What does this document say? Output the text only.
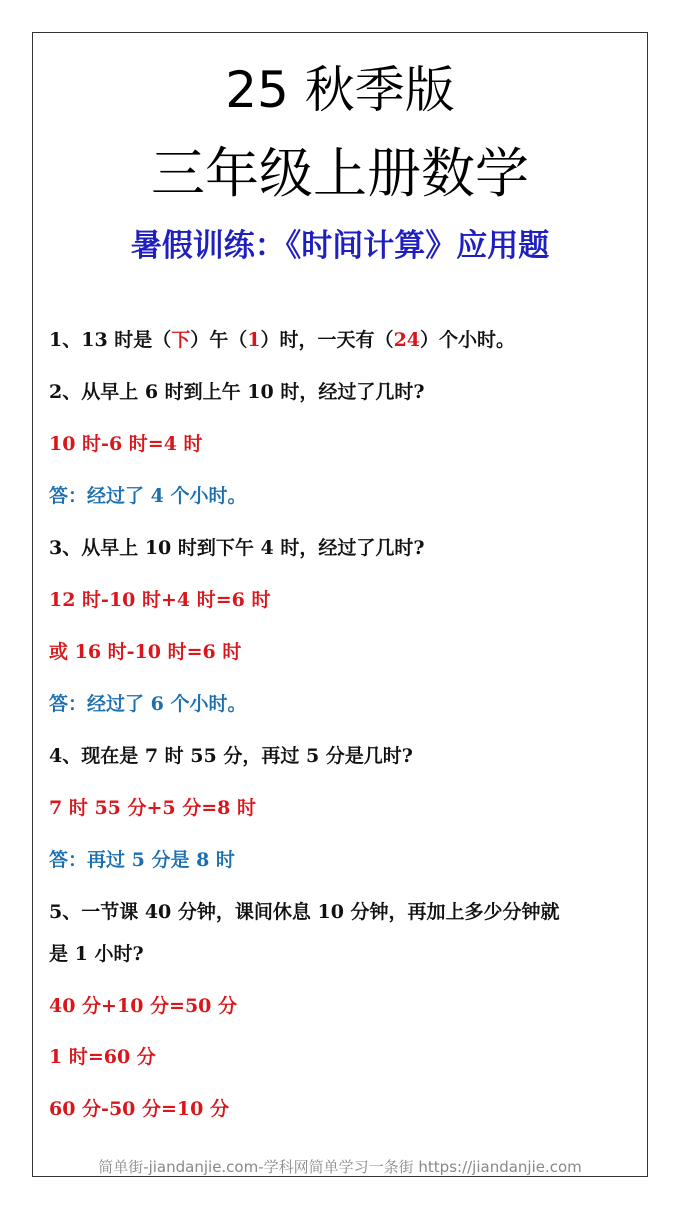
25 秋季版
三年级上册数学
暑假训练：《时间计算》应用题
1、13 时是（下）午（1）时，一天有（24）个小时。
2、从早上 6 时到上午 10 时，经过了几时?
10 时-6 时=4 时
答：经过了 4 个小时。
3、从早上 10 时到下午 4 时，经过了几时?
12 时-10 时+4 时=6 时
或 16 时-10 时=6 时
答：经过了 6 个小时。
4、现在是 7 时 55 分，再过 5 分是几时?
7 时 55 分+5 分=8 时
答：再过 5 分是 8 时
5、一节课 40 分钟，课间休息 10 分钟，再加上多少分钟就
是 1 小时?
40 分+10 分=50 分
1 时=60 分
60 分-50 分=10 分
简单街-jiandanjie.com-学科网简单学习一条街 https://jiandanjie.com
